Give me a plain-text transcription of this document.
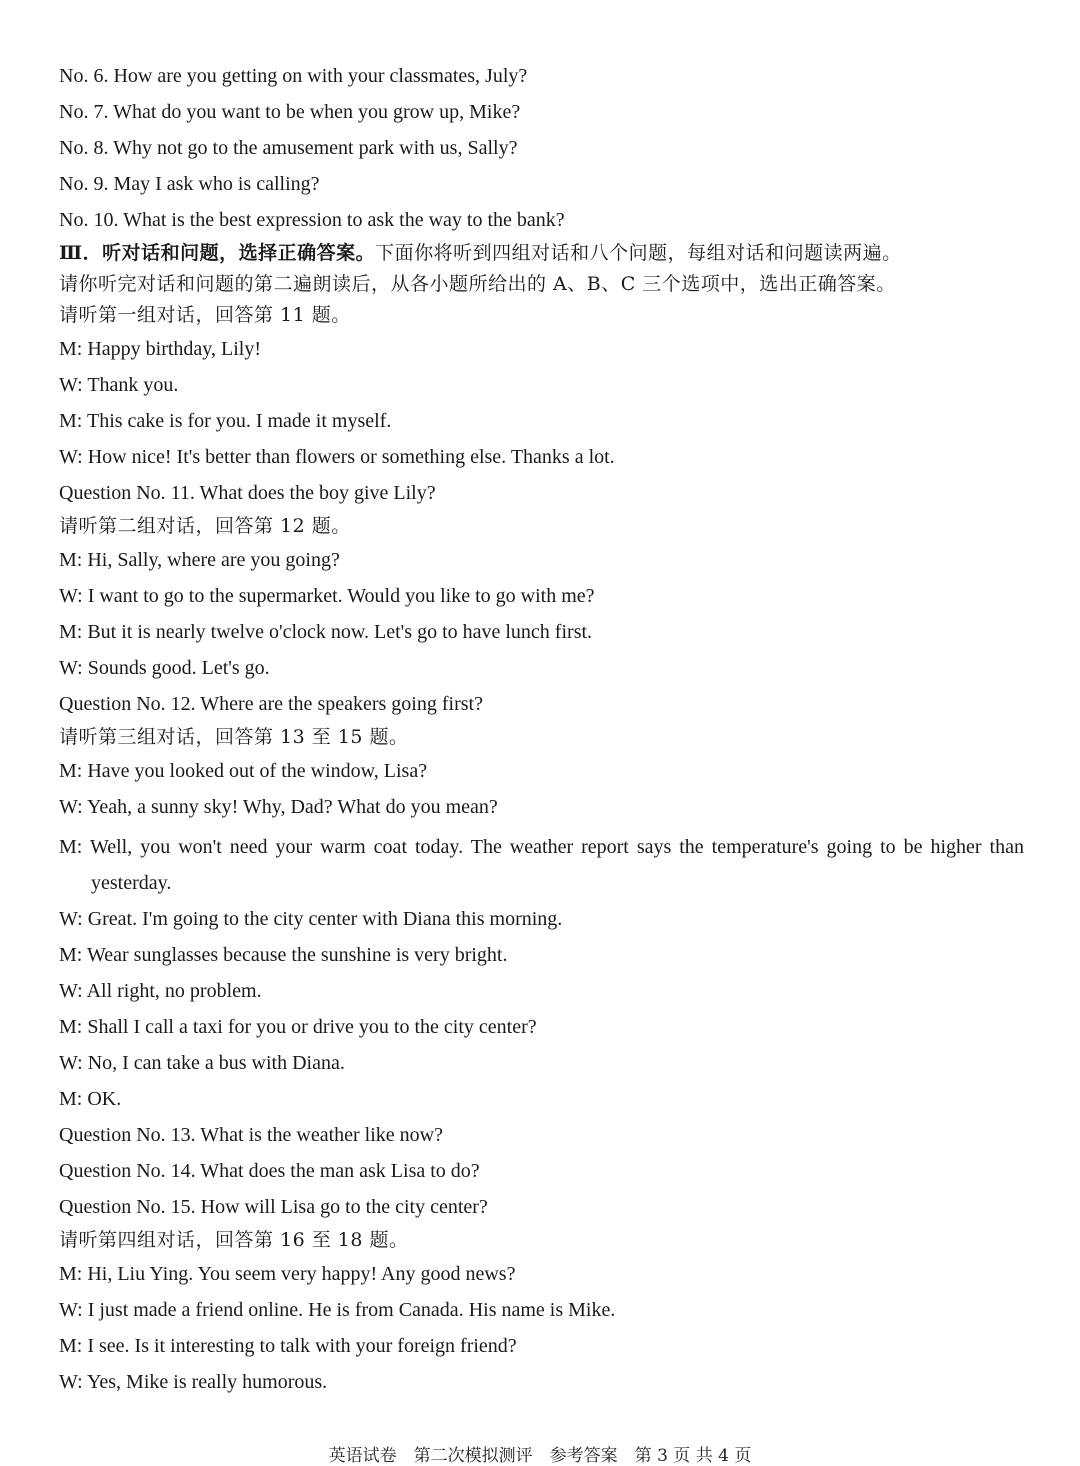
No. 6. How are you getting on with your classmates, July?
No. 7. What do you want to be when you grow up, Mike?
No. 8. Why not go to the amusement park with us, Sally?
No. 9. May I ask who is calling?
No. 10. What is the best expression to ask the way to the bank?
Ⅲ．听对话和问题，选择正确答案。下面你将听到四组对话和八个问题，每组对话和问题读两遍。
请你听完对话和问题的第二遍朗读后，从各小题所给出的 A、B、C 三个选项中，选出正确答案。
请听第一组对话，回答第 11 题。
M: Happy birthday, Lily!
W: Thank you.
M: This cake is for you. I made it myself.
W: How nice! It's better than flowers or something else. Thanks a lot.
Question No. 11. What does the boy give Lily?
请听第二组对话，回答第 12 题。
M: Hi, Sally, where are you going?
W: I want to go to the supermarket. Would you like to go with me?
M: But it is nearly twelve o'clock now. Let's go to have lunch first.
W: Sounds good. Let's go.
Question No. 12. Where are the speakers going first?
请听第三组对话，回答第 13 至 15 题。
M: Have you looked out of the window, Lisa?
W: Yeah, a sunny sky! Why, Dad? What do you mean?
M: Well, you won't need your warm coat today. The weather report says the temperature's going to be higher than yesterday.
W: Great. I'm going to the city center with Diana this morning.
M: Wear sunglasses because the sunshine is very bright.
W: All right, no problem.
M: Shall I call a taxi for you or drive you to the city center?
W: No, I can take a bus with Diana.
M: OK.
Question No. 13. What is the weather like now?
Question No. 14. What does the man ask Lisa to do?
Question No. 15. How will Lisa go to the city center?
请听第四组对话，回答第 16 至 18 题。
M: Hi, Liu Ying. You seem very happy! Any good news?
W: I just made a friend online. He is from Canada. His name is Mike.
M: I see. Is it interesting to talk with your foreign friend?
W: Yes, Mike is really humorous.
英语试卷　第二次模拟测评　参考答案　第 3 页 共 4 页
